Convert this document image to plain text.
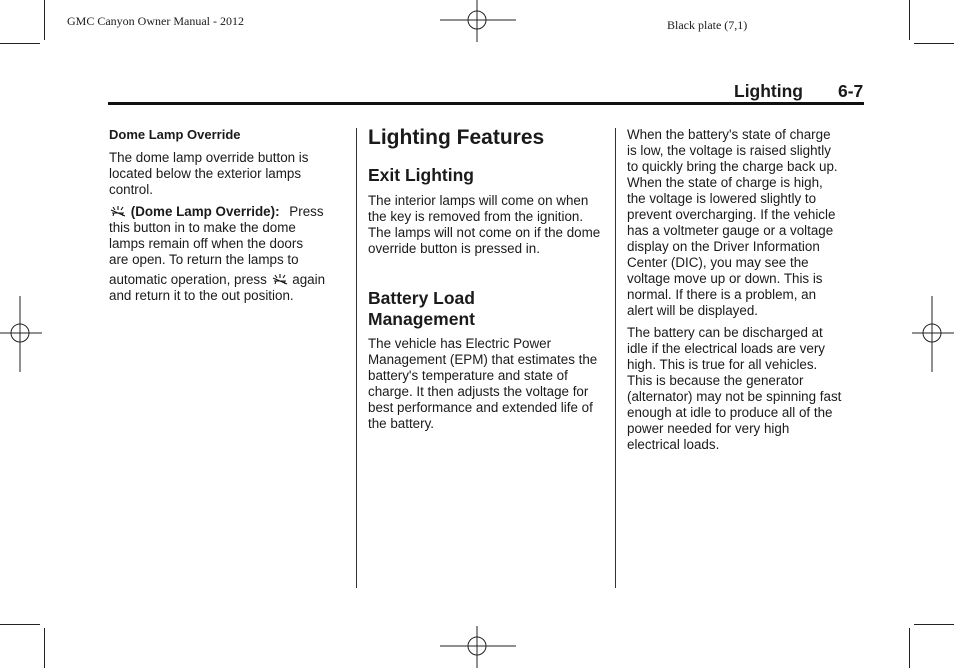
GMC Canyon Owner Manual - 2012	Black plate (7,1)
Lighting 6-7
Dome Lamp Override
The dome lamp override button is located below the exterior lamps control.
(Dome Lamp Override): Press
this button in to make the dome
lamps remain off when the doors
are open. To return the lamps to
automatic operation, press again
and return it to the out position.
Lighting Features
Exit Lighting
The interior lamps will come on when the key is removed from the ignition. The lamps will not come on if the dome override button is pressed in.
Battery Load
Management
The vehicle has Electric Power Management (EPM) that estimates the battery's temperature and state of charge. It then adjusts the voltage for best performance and extended life of the battery.
When the battery's state of charge
is low, the voltage is raised slightly
to quickly bring the charge back up.
When the state of charge is high,
the voltage is lowered slightly to
prevent overcharging. If the vehicle
has a voltmeter gauge or a voltage
display on the Driver Information
Center (DIC), you may see the
voltage move up or down. This is
normal. If there is a problem, an
alert will be displayed.
The battery can be discharged at
idle if the electrical loads are very
high. This is true for all vehicles.
This is because the generator
(alternator) may not be spinning fast
enough at idle to produce all of the
power needed for very high
electrical loads.
